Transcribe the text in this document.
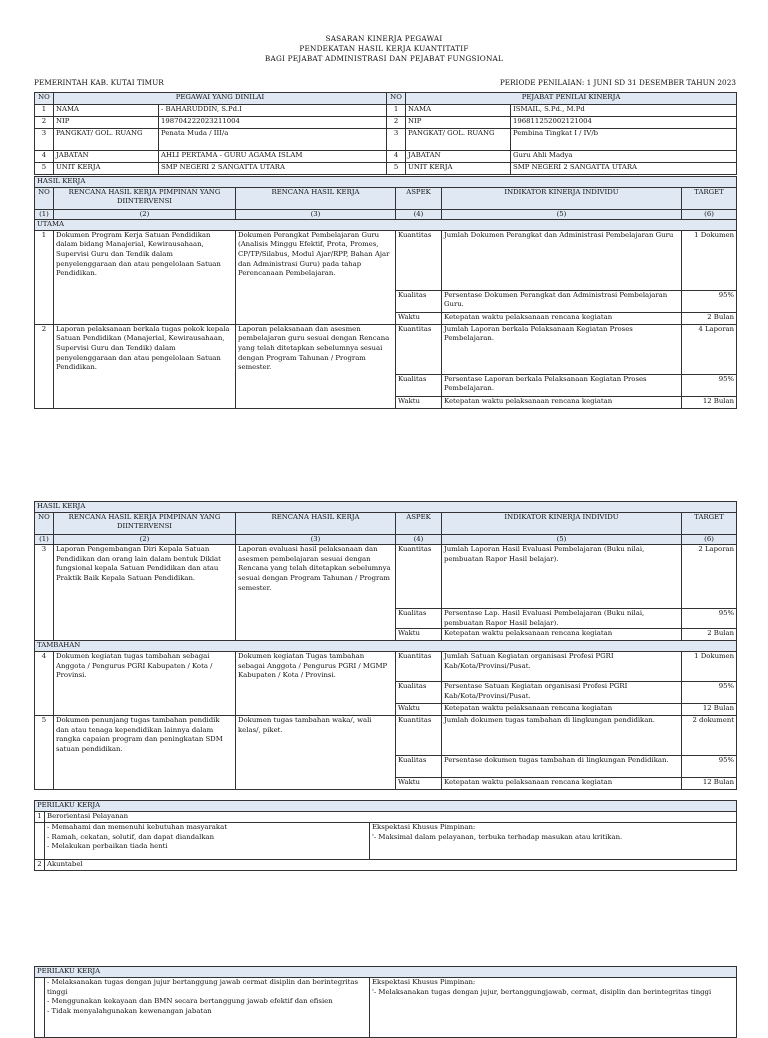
SASARAN KINERJA PEGAWAI
PENDEKATAN HASIL KERJA KUANTITATIF
BAGI PEJABAT ADMINISTRASI DAN PEJABAT FUNGSIONAL
PEMERINTAH KAB. KUTAI TIMUR	PERIODE PENILAIAN: 1 JUNI SD 31 DESEMBER TAHUN 2023
NO	PEGAWAI YANG DINILAI		NO	PEJABAT PENILAI KINERJA	
1	NAMA	- BAHARUDDIN, S.Pd.I	1	NAMA	ISMAIL, S.Pd., M.Pd
2	NIP	198704222023211004	2	NIP	196811252002121004
3	PANGKAT/ GOL. RUANG	Penata Muda / III/a	3	PANGKAT/ GOL. RUANG	Pembina Tingkat I / IV/b
4	JABATAN	AHLI PERTAMA - GURU AGAMA ISLAM	4	JABATAN	Guru Ahli Madya
5	UNIT KERJA	SMP NEGERI 2 SANGATTA UTARA	5	UNIT KERJA	SMP NEGERI 2 SANGATTA UTARA
HASIL KERJA					
NO	RENCANA HASIL KERJA PIMPINAN YANG DIINTERVENSI	RENCANA HASIL KERJA	ASPEK	INDIKATOR KINERJA INDIVIDU	TARGET
(1)	(2)	(3)	(4)	(5)	(6)
UTAMA					
1	Dokumen Program Kerja Satuan Pendidikan dalam bidang Manajerial, Kewirausahaan, Supervisi Guru dan Tendik dalam penyelenggaraan dan atau pengelolaan Satuan Pendidikan.	Dokumen Perangkat Pembelajaran Guru (Analisis Minggu Efektif, Prota, Promes, CP/TP/Silabus, Modul Ajar/RPP, Bahan Ajar dan Administrasi Guru) pada tahap Perencanaan Pembelajaran.	Kuantitas	Jumlah Dokumen Perangkat dan Administrasi Pembelajaran Guru	1 Dokumen
			Kualitas	Persentase Dokumen Perangkat dan Administrasi Pembelajaran Guru.	95%
			Waktu	Ketepatan waktu pelaksanaan rencana kegiatan	2 Bulan
2	Laporan pelaksanaan berkala tugas pokok kepala Satuan Pendidikan (Manajerial, Kewirausahaan, Supervisi Guru dan Tendik) dalam penyelenggaraan dan atau pengelolaan Satuan Pendidikan.	Laporan pelaksanaan dan asesmen pembelajaran guru sesuai dengan Rencana yang telah ditetapkan sebelumnya sesuai dengan Program Tahunan / Program semester.	Kuantitas	Jumlah Laporan berkala Pelaksanaan Kegiatan Proses Pembelajaran.	4 Laporan
			Kualitas	Persentase Laporan berkala Pelaksanaan Kegiatan Proses Pembelajaran.	95%
			Waktu	Ketepatan waktu pelaksanaan rencana kegiatan	12 Bulan
HASIL KERJA					
NO	RENCANA HASIL KERJA PIMPINAN YANG DIINTERVENSI	RENCANA HASIL KERJA	ASPEK	INDIKATOR KINERJA INDIVIDU	TARGET
(1)	(2)	(3)	(4)	(5)	(6)
3	Laporan Pengembangan Diri Kepala Satuan Pendidikan dan orang lain dalam bentuk Diklat fungsional kepala Satuan Pendidikan dan atau Praktik Baik Kepala Satuan Pendidikan.	Laporan evaluasi hasil pelaksanaan dan asesmen pembelajaran sesuai dengan Rencana yang telah ditetapkan sebelumnya sesuai dengan Program Tahunan / Program semester.	Kuantitas	Jumlah Laporan Hasil Evaluasi Pembelajaran (Buku nilai, pembuatan Rapor Hasil belajar).	2 Laporan
			Kualitas	Persentase Lap. Hasil Evaluasi Pembelajaran (Buku nilai, pembuatan Rapor Hasil belajar).	95%
			Waktu	Ketepatan waktu pelaksanaan rencana kegiatan	2 Bulan
TAMBAHAN					
4	Dokumen kegiatan tugas tambahan sebagai Anggota / Pengurus PGRI Kabupaten / Kota / Provinsi.	Dokumen kegiatan Tugas tambahan sebagai Anggota / Pengurus PGRI / MGMP Kabupaten / Kota / Provinsi.	Kuantitas	Jumlah Satuan Kegiatan organisasi Profesi PGRI Kab/Kota/Provinsi/Pusat.	1 Dokumen
			Kualitas	Persentase Satuan Kegiatan organisasi Profesi PGRI Kab/Kota/Provinsi/Pusat.	95%
			Waktu	Ketepatan waktu pelaksanaan rencana kegiatan	12 Bulan
5	Dokumen penunjang tugas tambahan pendidik dan atau tenaga kependidikan lainnya dalam rangka capaian program dan peningkatan SDM satuan pendidikan.	Dokumen tugas tambahan waka/, wali kelas/, piket.	Kuantitas	Jumlah dokumen tugas tambahan di lingkungan pendidikan.	2 dokument
			Kualitas	Persentase dokumen tugas tambahan di lingkungan Pendidikan.	95%
			Waktu	Ketepatan waktu pelaksanaan rencana kegiatan	12 Bulan
PERILAKU KERJA		
1	Berorientasi Pelayanan	
	- Memahami dan memenuhi kebutuhan masyarakat
- Ramah, cekatan, solutif, dan dapat diandalkan
- Melakukan perbaikan tiada henti	Ekspektasi Khusus Pimpinan:
'- Maksimal dalam pelayanan, terbuka terhadap masukan atau kritikan.
2	Akuntabel	
PERILAKU KERJA
	- Melaksanakan tugas dengan jujur bertanggung jawab cermat disiplin dan berintegritas tinggi
- Menggunakan kekayaan dan BMN secara bertanggung jawab efektif dan efisien
- Tidak menyalahgunakan kewenangan jabatan	Ekspektasi Khusus Pimpinan:
'- Melaksanakan tugas dengan jujur, bertanggungjawab, cermat, disiplin dan berintegritas tinggi
